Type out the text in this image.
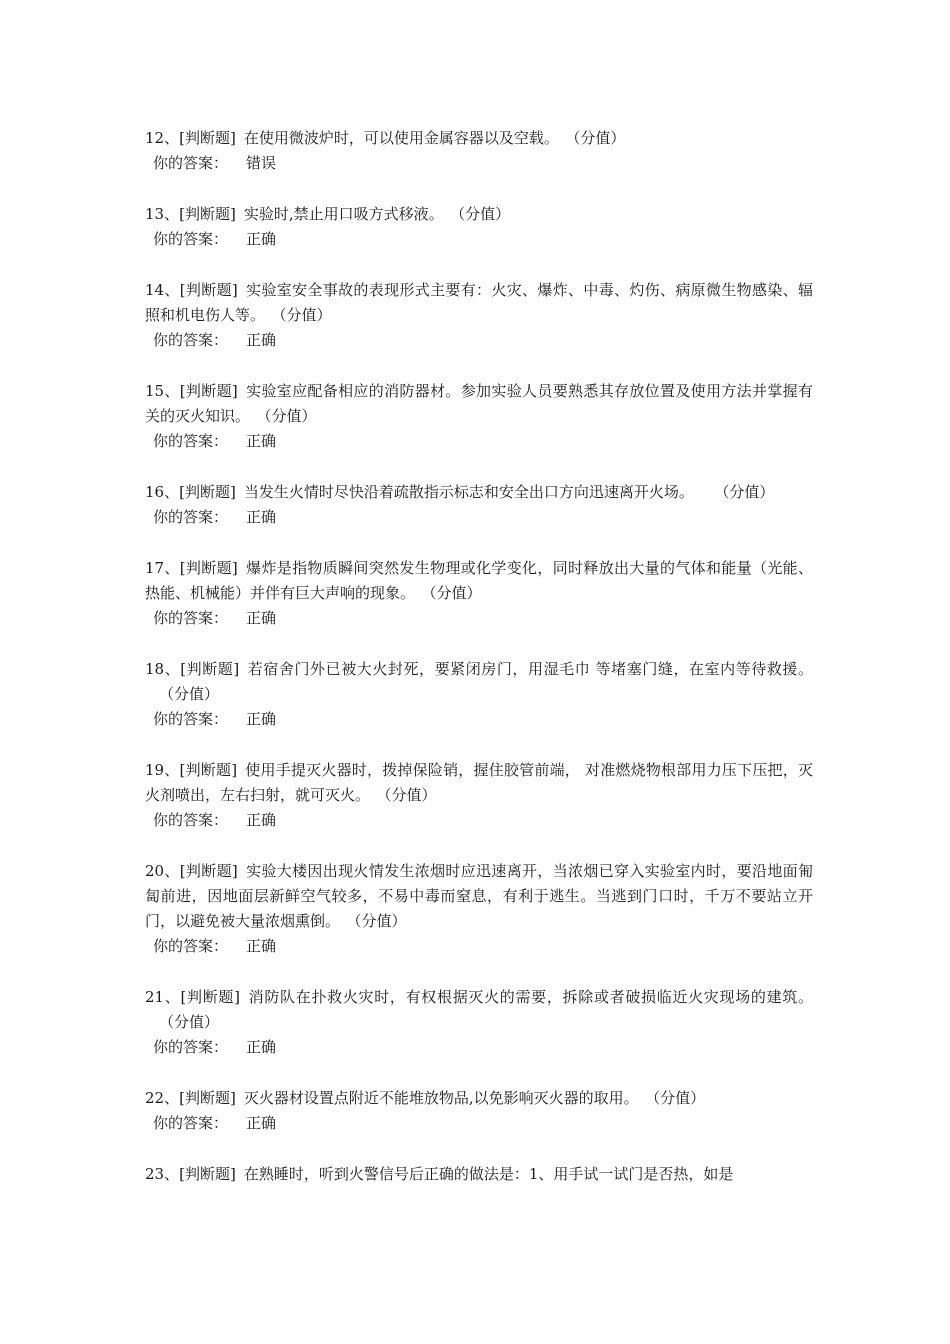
12、[判断题] 在使用微波炉时，可以使用金属容器以及空载。 （分值）

你的答案： 错误

13、[判断题] 实验时,禁止用口吸方式移液。 （分值）

你的答案： 正确

14、[判断题] 实验室安全事故的表现形式主要有：火灾、爆炸、中毒、灼伤、病原微生物感染、辐照和机电伤人等。 （分值）

你的答案： 正确

15、[判断题] 实验室应配备相应的消防器材。参加实验人员要熟悉其存放位置及使用方法并掌握有关的灭火知识。 （分值）

你的答案： 正确

16、[判断题] 当发生火情时尽快沿着疏散指示标志和安全出口方向迅速离开火场。 （分值）

你的答案： 正确

17、[判断题] 爆炸是指物质瞬间突然发生物理或化学变化，同时释放出大量的气体和能量（光能、热能、机械能）并伴有巨大声响的现象。 （分值）

你的答案： 正确

18、[判断题] 若宿舍门外已被大火封死，要紧闭房门，用湿毛巾 等堵塞门缝，在室内等待救援。（分值）

你的答案： 正确

19、[判断题] 使用手提灭火器时，拨掉保险销，握住胶管前端， 对准燃烧物根部用力压下压把，灭火剂喷出，左右扫射，就可灭火。 （分值）

你的答案： 正确

20、[判断题] 实验大楼因出现火情发生浓烟时应迅速离开，当浓烟已穿入实验室内时，要沿地面匍匐前进，因地面层新鲜空气较多，不易中毒而窒息，有利于逃生。当逃到门口时，千万不要站立开门，以避免被大量浓烟熏倒。 （分值）

你的答案： 正确

21、[判断题] 消防队在扑救火灾时，有权根据灭火的需要，拆除或者破损临近火灾现场的建筑。（分值）

你的答案： 正确

22、[判断题] 灭火器材设置点附近不能堆放物品,以免影响灭火器的取用。 （分值）

你的答案： 正确

23、[判断题] 在熟睡时，听到火警信号后正确的做法是：1、用手试一试门是否热，如是
